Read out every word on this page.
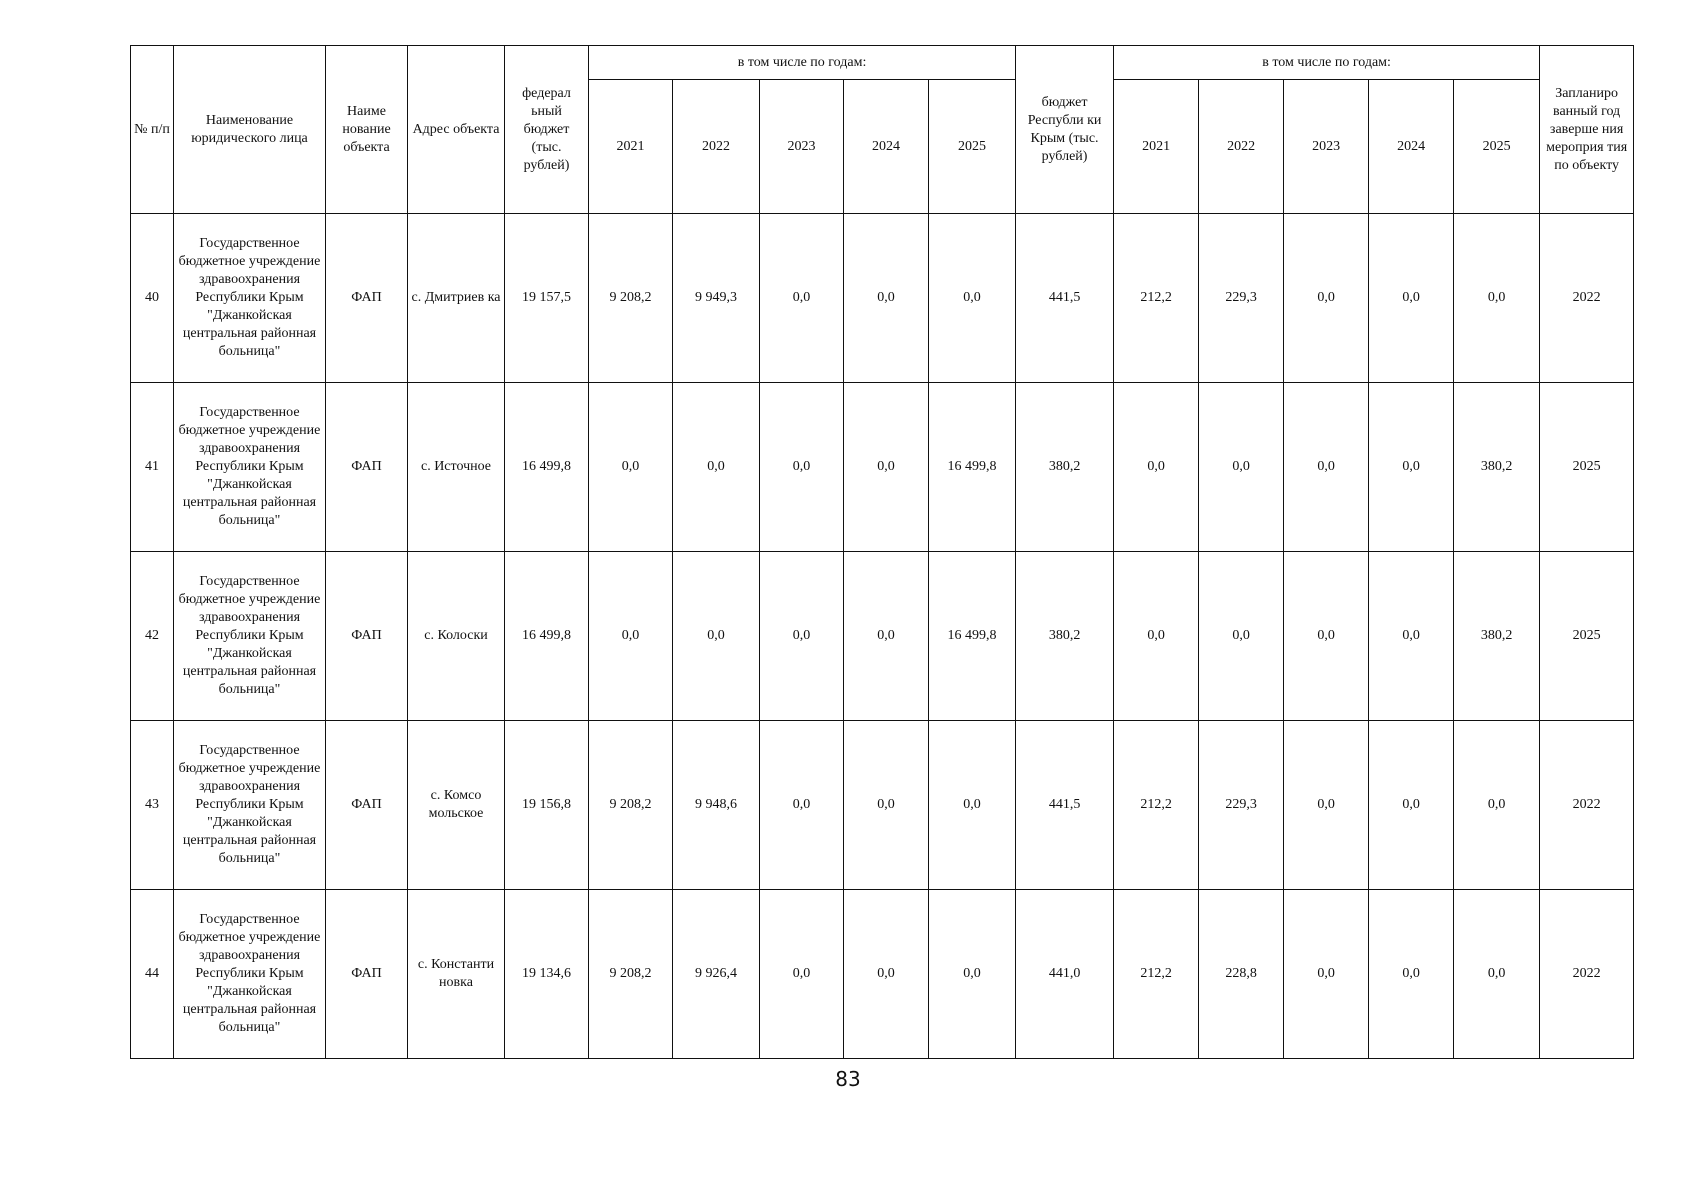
№ п/п	Наименование юридического лица	Наиме нование объекта	Адрес объекта	федерал ьный бюджет (тыс. рублей)	в том числе по годам:					бюджет Республи ки Крым (тыс. рублей)	в том числе по годам:					Запланиро ванный год заверше ния мероприя тия по объекту
					2021	2022	2023	2024	2025		2021	2022	2023	2024	2025	
40	Государственное бюджетное учреждение здравоохранения Республики Крым "Джанкойская центральная районная больница"	ФАП	с. Дмитриев ка	19 157,5	9 208,2	9 949,3	0,0	0,0	0,0	441,5	212,2	229,3	0,0	0,0	0,0	2022
41	Государственное бюджетное учреждение здравоохранения Республики Крым "Джанкойская центральная районная больница"	ФАП	с. Источное	16 499,8	0,0	0,0	0,0	0,0	16 499,8	380,2	0,0	0,0	0,0	0,0	380,2	2025
42	Государственное бюджетное учреждение здравоохранения Республики Крым "Джанкойская центральная районная больница"	ФАП	с. Колоски	16 499,8	0,0	0,0	0,0	0,0	16 499,8	380,2	0,0	0,0	0,0	0,0	380,2	2025
43	Государственное бюджетное учреждение здравоохранения Республики Крым "Джанкойская центральная районная больница"	ФАП	с. Комсо мольское	19 156,8	9 208,2	9 948,6	0,0	0,0	0,0	441,5	212,2	229,3	0,0	0,0	0,0	2022
44	Государственное бюджетное учреждение здравоохранения Республики Крым "Джанкойская центральная районная больница"	ФАП	с. Константи новка	19 134,6	9 208,2	9 926,4	0,0	0,0	0,0	441,0	212,2	228,8	0,0	0,0	0,0	2022
83
